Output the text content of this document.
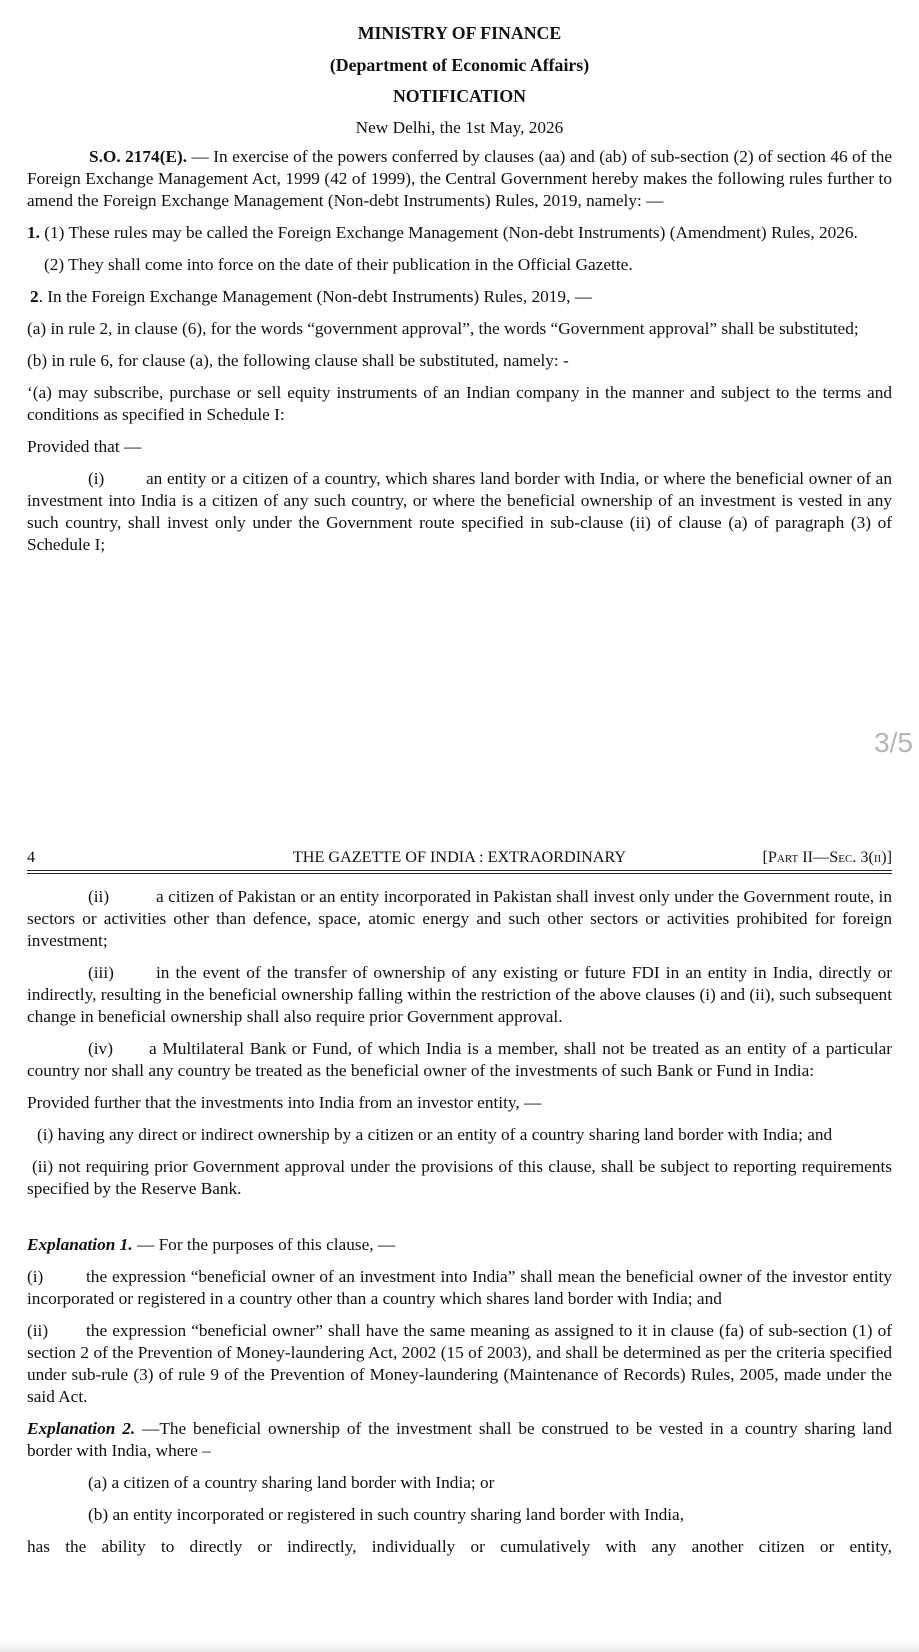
MINISTRY OF FINANCE
(Department of Economic Affairs)
NOTIFICATION
New Delhi, the 1st May, 2026

S.O. 2174(E). — In exercise of the powers conferred by clauses (aa) and (ab) of sub-section (2) of section 46 of the Foreign Exchange Management Act, 1999 (42 of 1999), the Central Government hereby makes the following rules further to amend the Foreign Exchange Management (Non-debt Instruments) Rules, 2019, namely: —

1. (1) These rules may be called the Foreign Exchange Management (Non-debt Instruments) (Amendment) Rules, 2026.

(2) They shall come into force on the date of their publication in the Official Gazette.

2. In the Foreign Exchange Management (Non-debt Instruments) Rules, 2019, —

(a) in rule 2, in clause (6), for the words “government approval”, the words “Government approval” shall be substituted;

(b) in rule 6, for clause (a), the following clause shall be substituted, namely: -

‘(a) may subscribe, purchase or sell equity instruments of an Indian company in the manner and subject to the terms and conditions as specified in Schedule I:

Provided that —

(i) an entity or a citizen of a country, which shares land border with India, or where the beneficial owner of an investment into India is a citizen of any such country, or where the beneficial ownership of an investment is vested in any such country, shall invest only under the Government route specified in sub-clause (ii) of clause (a) of paragraph (3) of Schedule I;

3/5
4	THE GAZETTE OF INDIA : EXTRAORDINARY	[Part II—Sec. 3(ii)]

(ii)	a citizen of Pakistan or an entity incorporated in Pakistan shall invest only under the Government route, in sectors or activities other than defence, space, atomic energy and such other sectors or activities prohibited for foreign investment;

(iii) in the event of the transfer of ownership of any existing or future FDI in an entity in India, directly or indirectly, resulting in the beneficial ownership falling within the restriction of the above clauses (i) and (ii), such subsequent change in beneficial ownership shall also require prior Government approval.

(iv) a Multilateral Bank or Fund, of which India is a member, shall not be treated as an entity of a particular country nor shall any country be treated as the beneficial owner of the investments of such Bank or Fund in India:

Provided further that the investments into India from an investor entity, —

(i) having any direct or indirect ownership by a citizen or an entity of a country sharing land border with India; and

(ii) not requiring prior Government approval under the provisions of this clause, shall be subject to reporting requirements specified by the Reserve Bank.

Explanation 1. — For the purposes of this clause, —

(i) the expression “beneficial owner of an investment into India” shall mean the beneficial owner of the investor entity incorporated or registered in a country other than a country which shares land border with India; and

(ii) the expression “beneficial owner” shall have the same meaning as assigned to it in clause (fa) of sub-section (1) of section 2 of the Prevention of Money-laundering Act, 2002 (15 of 2003), and shall be determined as per the criteria specified under sub-rule (3) of rule 9 of the Prevention of Money-laundering (Maintenance of Records) Rules, 2005, made under the said Act.

Explanation 2. —The beneficial ownership of the investment shall be construed to be vested in a country sharing land border with India, where –

(a) a citizen of a country sharing land border with India; or

(b) an entity incorporated or registered in such country sharing land border with India,

has the ability to directly or indirectly, individually or cumulatively with any another citizen or entity,
